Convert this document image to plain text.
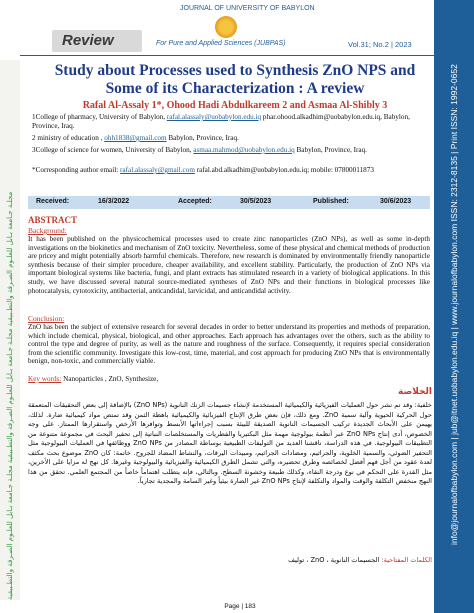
مجلـة جـامعة بـابل للعلـوم الصـرفة والتطـبيقية مجلـة جـامعة بـابل للعلـوم الصـرفة والتطـبيقية مجلـة جـامعة بـابل للعلـوم الصـرفة والتطـبيقية	info@journalofbabylon.com | jub@itnet.uobabylon.edu.iq | www.journalofbabylon.com ISSN: 2312-8135 | Print ISSN: 1992-0652
Review
JOURNAL OF UNIVERSITY OF BABYLON
For Pure and Applied Sciences (JUBPAS)	Vol.31; No.2 | 2023
Study about Processes used to Synthesis ZnO NPS and Some of its Characterization : A review
Rafal Al-Assaly 1*, Ohood Hadi Abdulkareem 2 and Asmaa Al-Shibly 3
1College of pharmacy, University of Babylon, rafal.alassaly@uobabylon.edu.iq phar.ohood.alkadhim@uobabylon.edu.iq, Babylon, Province, Iraq.
2 ministry of education , ohh1838@gmail.com Babylon, Province, Iraq.
3College of science for women, University of Babylon, asmaa.mahmod@uobabylon.edu.iq Babylon, Province, Iraq.
*Corresponding author email: rafal.alassaly@gmail.com rafal.abd.alkadhim@uobabylon.edu.iq; mobile: 07800011873
Received:	16/3/2022	Accepted:	30/5/2023	Published:	30/6/2023
ABSTRACT
Background:
It has been published on the physicochemical processes used to create zinc nanoparticles (ZnO NPs), as well as some in-depth investigations on the biokinetics and mechanism of ZnO toxicity. Nevertheless, some of these physical and chemical methods of production are pricey and might potentially absorb harmful chemicals. Therefore, new research is dominated by environmentally friendly nanoparticle synthesis because of their simpler procedure, cheaper availability, and excellent stability. Particularly, the production of ZnO NPs via important biological systems like bacteria, fungi, and plant extracts has stimulated research in a variety of biological applications. In this study, we have discussed several natural source-mediated syntheses of ZnO NPs and their functions in biological processes like photocatalysis, cytotoxicity, antibacterial, anticandidal, larvicidal, and anticandidal activity.
Conclusion:
ZnO has been the subject of extensive research for several decades in order to better understand its properties and methods of preparation, which include chemical, physical, biological, and other approaches. Each approach has advantages over the others, such as the ability to control the type and degree of purity, as well as the nature and roughness of the surface. Consequently, it requires special consideration from the scientific community. Investigate this low-cost, time, material, and cost approach for producing ZnO NPs that is environmentally benign, non-toxic, and commercially viable.
Key words: Nanoparticles , ZnO, Synthesize,
الخلاصة
خلفية: وقد تم نشر حول العمليات الفيزيائية والكيميائية المستخدمة لإنشاء جسيمات الزنك النانوية (ZnO NPs) بالإضافة إلى بعض التحقيقات المتعمقة حول الحركية الحيوية وآلية سمية ZnO. ومع ذلك، فإن بعض طرق الإنتاج الفيزيائية والكيميائية باهظة الثمن وقد تمتص مواد كيميائية ضارة. لذلك، يهيمن على الأبحاث الجديدة تركيب الجسيمات النانوية الصديقة للبيئة بسبب إجراءاتها الأبسط وتوافرها الأرخص واستقرارها الممتاز. على وجه الخصوص، أدى إنتاج ZnO NPs عبر أنظمة بيولوجية مهمة مثل البكتيريا والفطريات والمستخلصات النباتية إلى تحفيز البحث في مجموعة متنوعة من التطبيقات البيولوجية. في هذه الدراسة، ناقشنا العديد من التوليفات الطبيعية بوساطة المصادر من ZnO NPs ووظائفها في العمليات البيولوجية مثل التحفيز الضوئي، والسمية الخلوية، والجراثيم، ومضادات الجراثيم، ومبيدات اليرقات، والنشاط المضاد للجروح. خاتمة: كان ZnO موضوع بحث مكثف لعدة عقود من أجل فهم أفضل لخصائصه وطرق تحضيره، والتي تشمل الطرق الكيميائية والفيزيائية والبيولوجية وغيرها. كل نهج له مزايا على الأخرين، مثل القدرة على التحكم في نوع ودرجة النقاء، وكذلك طبيعة وخشونة السطح. وبالتالي، فإنه يتطلب اهتماماً خاصاً من المجتمع العلمي. تحقق من هذا النهج منخفض التكلفة والوقت والمواد والتكلفة لإنتاج ZnO NPs غير الضارة بيئياً وغير السامة والمجدية تجارياً.
الكلمات المفتاحية: الجسيمات النانوية ، ZnO ، توليف
Page | 183
